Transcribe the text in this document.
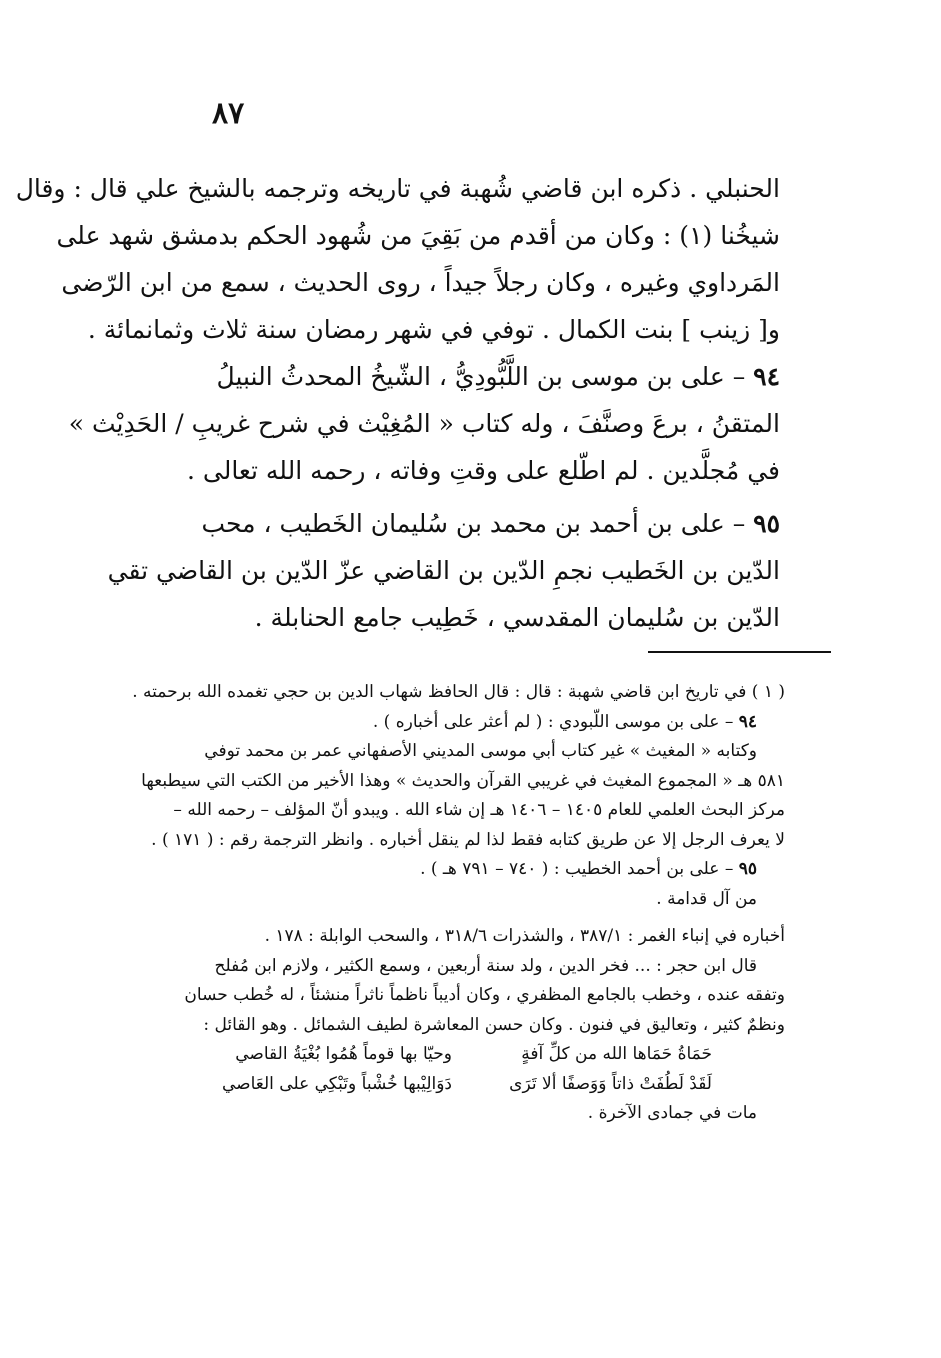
٨٧
الحنبلي . ذكره ابن قاضي شُهبة في تاريخه وترجمه بالشيخ علي قال : وقال
شيخُنا (١) : وكان من أقدم من بَقِيَ من شُهود الحكم بدمشق شهد على
المَرداوي وغيره ، وكان رجلاً جيداً ، روى الحديث ، سمع من ابن الرّضى
و[ زينب ] بنت الكمال . توفي في شهر رمضان سنة ثلاث وثمانمائة .
٩٤ – على بن موسى بن اللَّبُّودِيُّ ، الشّيخُ المحدثُ النبيلُ
المتقنُ ، برعَ وصنَّفَ ، وله كتاب « المُغِيْث في شرح غريبِ / الحَدِيْث »
في مُجلَّدين . لم اطّلع على وقتِ وفاته ، رحمه الله تعالى .
٩٥ – على بن أحمد بن محمد بن سُليمان الخَطيب ، محب
الدّين بن الخَطيب نجمِ الدّين بن القاضي عزّ الدّين بن القاضي تقي
الدّين بن سُليمان المقدسي ، خَطِيب جامع الحنابلة .
( ١ ) في تاريخ ابن قاضي شهبة : قال : قال الحافظ شهاب الدين بن حجي تغمده الله برحمته .
٩٤ – على بن موسى اللّبودي : ( لم أعثر على أخباره ) .
وكتابه « المغيث » غير كتاب أبي موسى المديني الأصفهاني عمر بن محمد توفي
٥٨١ هـ « المجموع المغيث في غريبي القرآن والحديث » وهذا الأخير من الكتب التي سيطبعها
مركز البحث العلمي للعام ١٤٠٥ – ١٤٠٦ هـ إن شاء الله . ويبدو أنّ المؤلف – رحمه الله –
لا يعرف الرجل إلا عن طريق كتابه فقط لذا لم ينقل أخباره . وانظر الترجمة رقم : ( ١٧١ ) .
٩٥ – على بن أحمد الخطيب : ( ٧٤٠ – ٧٩١ هـ ) .
من آل قدامة .
أخباره في إنباء الغمر : ٣٨٧/١ ، والشذرات ٣١٨/٦ ، والسحب الوابلة : ١٧٨ .
قال ابن حجر : ... فخر الدين ، ولد سنة أربعين ، وسمع الكثير ، ولازم ابن مُفلح
وتفقه عنده ، وخطب بالجامع المظفري ، وكان أديباً ناظماً ناثراً منشئاً ، له خُطب حسان
ونظمٌ كثير ، وتعاليق في فنون . وكان حسن المعاشرة لطيف الشمائل . وهو القائل :
حَمَاةُ حَمَاها الله من كلِّ آفةٍ
وحيّا بها قوماً هُمُوا بُغْيَةُ القاصي
لَقَدْ لَطُفَتْ ذاتاً وَوَصفًا ألا تَرَى
دَوَالِيْبها خُشْباً وتَبْكِي على العَاصي
مات في جمادى الآخرة .
